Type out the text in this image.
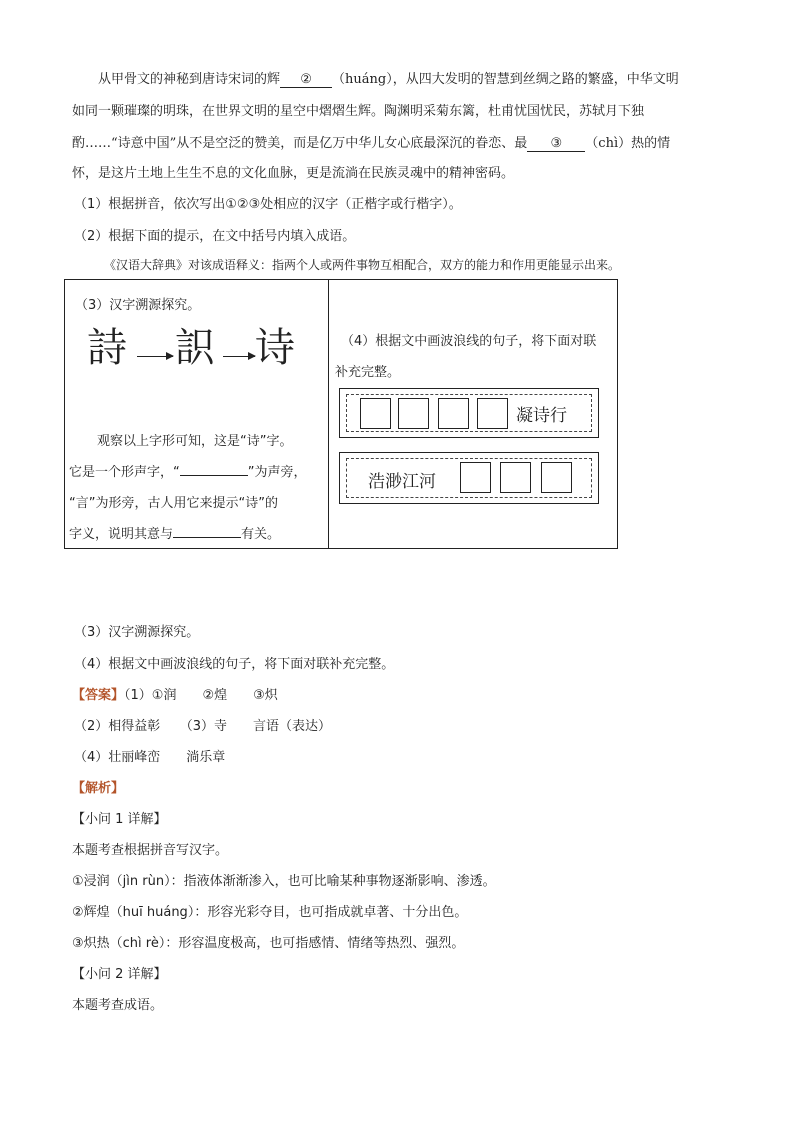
从甲骨文的神秘到唐诗宋词的辉 ② （huáng），从四大发明的智慧到丝绸之路的繁盛，中华文明
如同一颗璀璨的明珠，在世界文明的星空中熠熠生辉。陶渊明采菊东篱，杜甫忧国忧民，苏轼月下独
酌……“诗意中国”从不是空泛的赞美，而是亿万中华儿女心底最深沉的眷恋、最 ③ （chì）热的情
怀，是这片土地上生生不息的文化血脉，更是流淌在民族灵魂中的精神密码。
（1）根据拼音，依次写出①②③处相应的汉字（正楷字或行楷字）。
（2）根据下面的提示，在文中括号内填入成语。
《汉语大辞典》对该成语释义：指两个人或两件事物互相配合，双方的能力和作用更能显示出来。
（3）汉字溯源探究。
詩 䛊 诗
观察以上字形可知，这是“诗”字。
它是一个形声字，“	”为声旁，
“言”为形旁，古人用它来提示“诗”的
字义，说明其意与	有关。
（4）根据文中画波浪线的句子，将下面对联
补充完整。
凝诗行
浩渺江河
（3）汉字溯源探究。
（4）根据文中画波浪线的句子，将下面对联补充完整。
【答案】（1）①润　　②煌　　③炽
（2）相得益彰　　（3）寺　　言语（表达）
（4）壮丽峰峦　　淌乐章
【解析】
【小问 1 详解】
本题考查根据拼音写汉字。
①浸润（jìn rùn）：指液体渐渐渗入，也可比喻某种事物逐渐影响、渗透。
②辉煌（huī huáng）：形容光彩夺目，也可指成就卓著、十分出色。
③炽热（chì rè）：形容温度极高，也可指感情、情绪等热烈、强烈。
【小问 2 详解】
本题考查成语。
